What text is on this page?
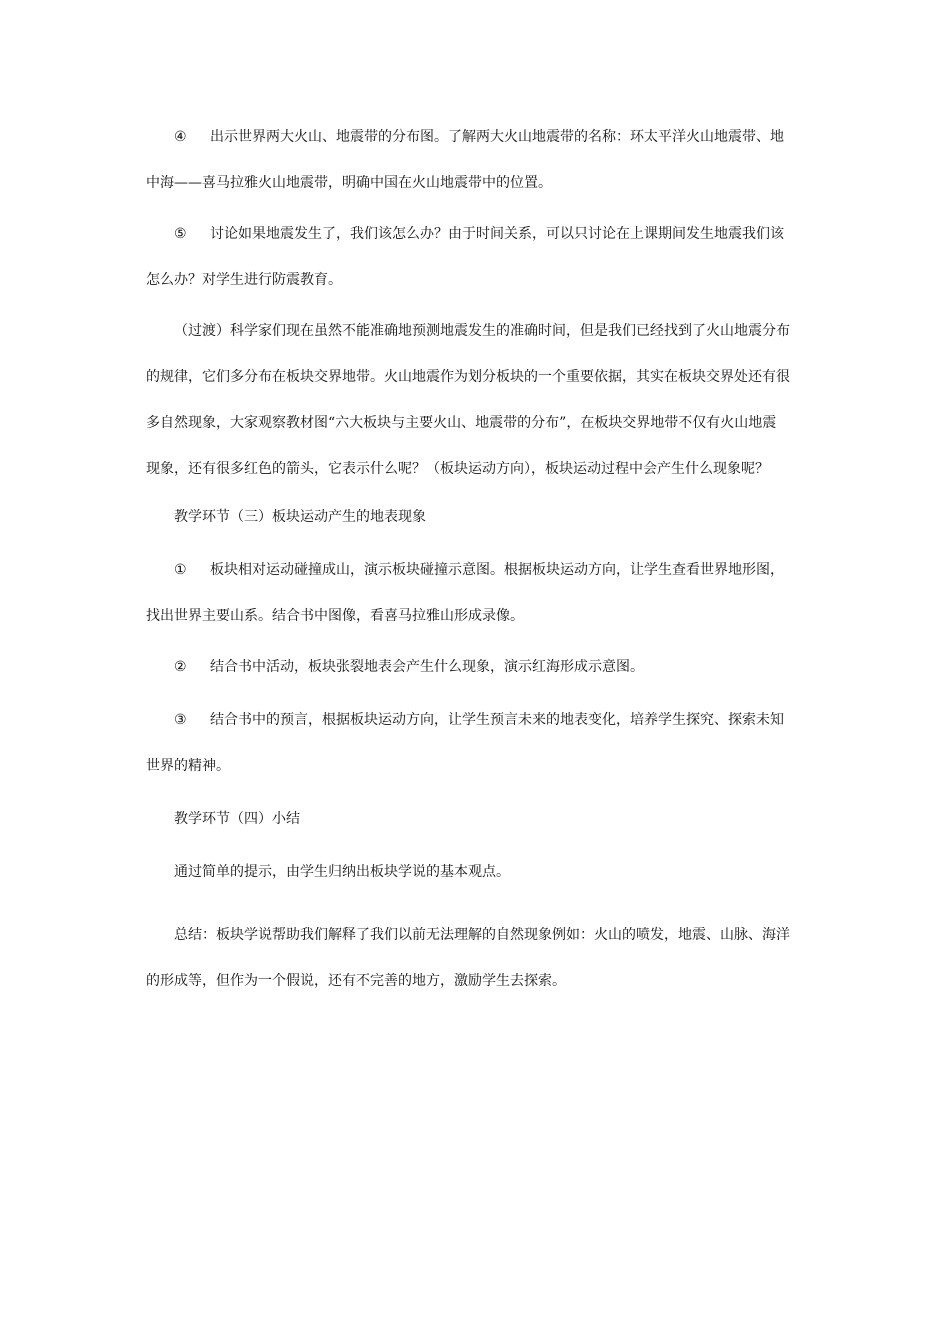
④ 出示世界两大火山、地震带的分布图。了解两大火山地震带的名称：环太平洋火山地震带、地
中海——喜马拉雅火山地震带，明确中国在火山地震带中的位置。
⑤ 讨论如果地震发生了，我们该怎么办？由于时间关系，可以只讨论在上课期间发生地震我们该
怎么办？对学生进行防震教育。
（过渡）科学家们现在虽然不能准确地预测地震发生的准确时间，但是我们已经找到了火山地震分布
的规律，它们多分布在板块交界地带。火山地震作为划分板块的一个重要依据，其实在板块交界处还有很
多自然现象，大家观察教材图“六大板块与主要火山、地震带的分布”，在板块交界地带不仅有火山地震
现象，还有很多红色的箭头，它表示什么呢？（板块运动方向），板块运动过程中会产生什么现象呢？
教学环节（三）板块运动产生的地表现象
① 板块相对运动碰撞成山，演示板块碰撞示意图。根据板块运动方向，让学生查看世界地形图，
找出世界主要山系。结合书中图像，看喜马拉雅山形成录像。
② 结合书中活动，板块张裂地表会产生什么现象，演示红海形成示意图。
③ 结合书中的预言，根据板块运动方向，让学生预言未来的地表变化，培养学生探究、探索未知
世界的精神。
教学环节（四）小结
通过简单的提示，由学生归纳出板块学说的基本观点。
总结：板块学说帮助我们解释了我们以前无法理解的自然现象例如：火山的喷发，地震、山脉、海洋
的形成等，但作为一个假说，还有不完善的地方，激励学生去探索。
